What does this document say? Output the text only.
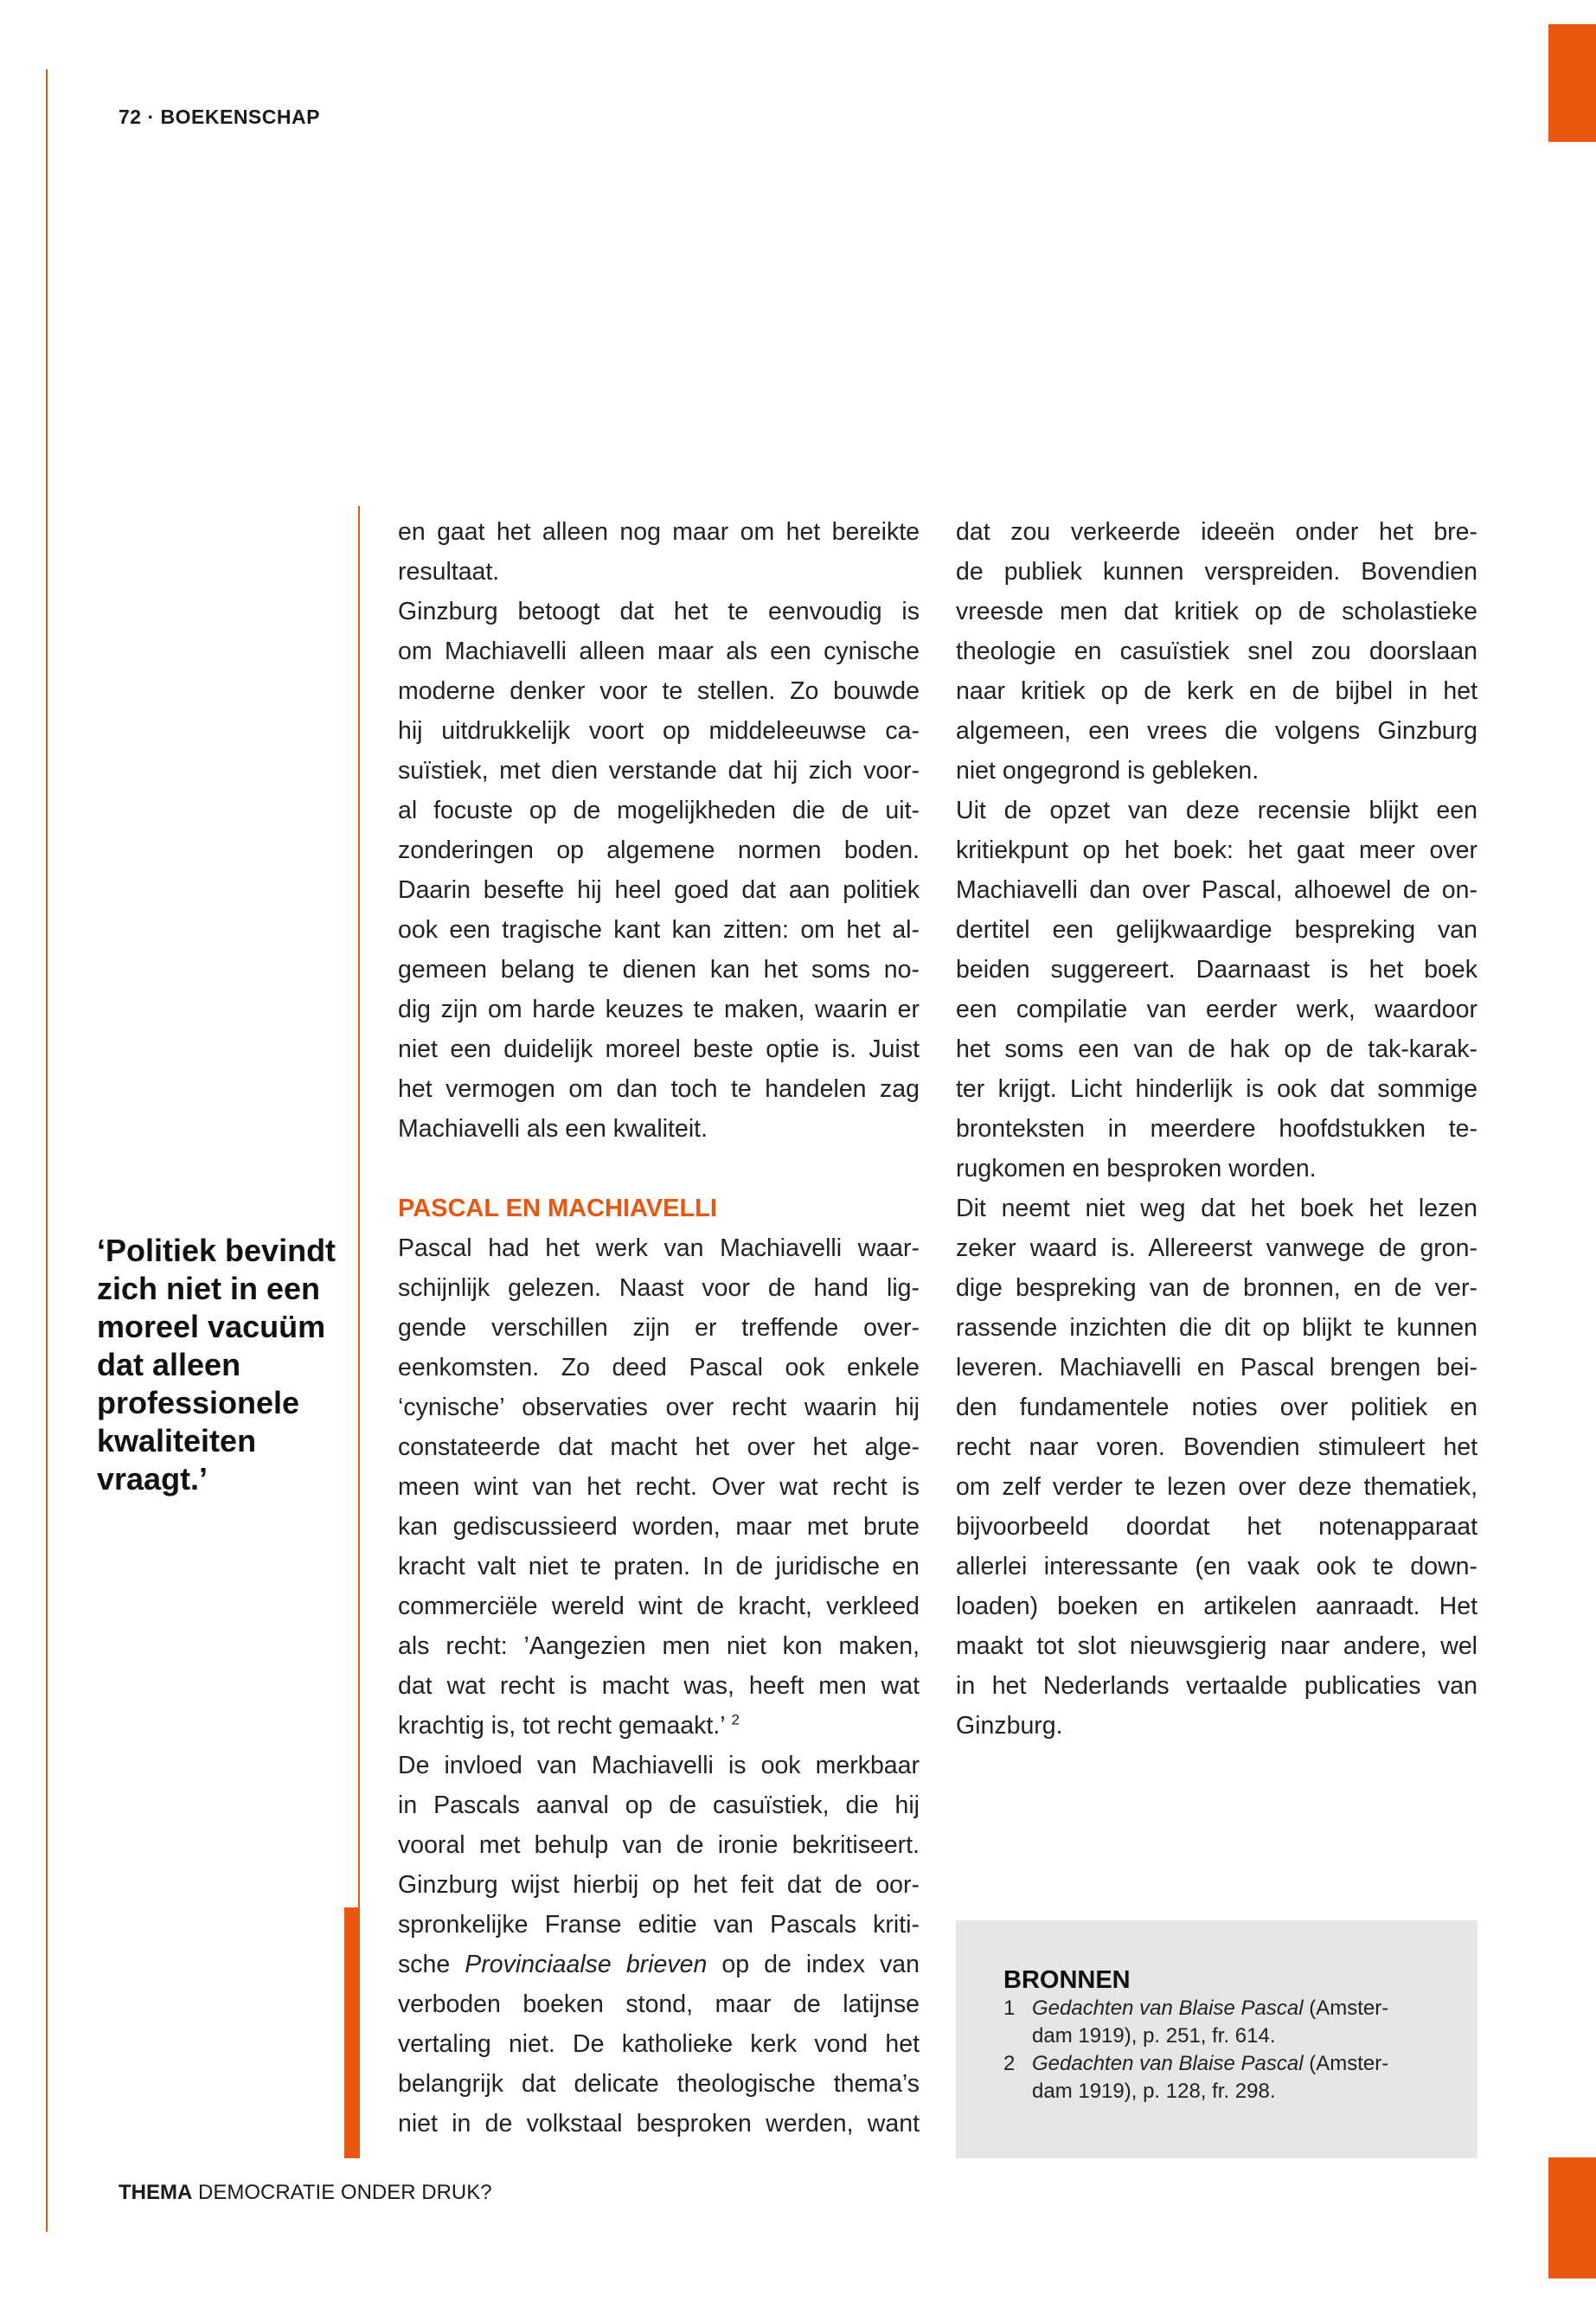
72 · BOEKENSCHAP
‘Politiek bevindt
zich niet in een
moreel vacuüm
dat alleen
professionele
kwaliteiten
vraagt.’
en gaat het alleen nog maar om het bereikte
resultaat.
Ginzburg betoogt dat het te eenvoudig is
om Machiavelli alleen maar als een cynische
moderne denker voor te stellen. Zo bouwde
hij uitdrukkelijk voort op middeleeuwse ca-
suïstiek, met dien verstande dat hij zich voor-
al focuste op de mogelijkheden die de uit-
zonderingen op algemene normen boden.
Daarin besefte hij heel goed dat aan politiek
ook een tragische kant kan zitten: om het al-
gemeen belang te dienen kan het soms no-
dig zijn om harde keuzes te maken, waarin er
niet een duidelijk moreel beste optie is. Juist
het vermogen om dan toch te handelen zag
Machiavelli als een kwaliteit.
PASCAL EN MACHIAVELLI
Pascal had het werk van Machiavelli waar-
schijnlijk gelezen. Naast voor de hand lig-
gende verschillen zijn er treffende over-
eenkomsten. Zo deed Pascal ook enkele
‘cynische’ observaties over recht waarin hij
constateerde dat macht het over het alge-
meen wint van het recht. Over wat recht is
kan gediscussieerd worden, maar met brute
kracht valt niet te praten. In de juridische en
commerciële wereld wint de kracht, verkleed
als recht: ’Aangezien men niet kon maken,
dat wat recht is macht was, heeft men wat
krachtig is, tot recht gemaakt.’ $^2$
De invloed van Machiavelli is ook merkbaar
in Pascals aanval op de casuïstiek, die hij
vooral met behulp van de ironie bekritiseert.
Ginzburg wijst hierbij op het feit dat de oor-
spronkelijke Franse editie van Pascals kriti-
sche Provinciaalse brieven op de index van
verboden boeken stond, maar de latijnse
vertaling niet. De katholieke kerk vond het
belangrijk dat delicate theologische thema’s
niet in de volkstaal besproken werden, want
dat zou verkeerde ideeën onder het bre-
de publiek kunnen verspreiden. Bovendien
vreesde men dat kritiek op de scholastieke
theologie en casuïstiek snel zou doorslaan
naar kritiek op de kerk en de bijbel in het
algemeen, een vrees die volgens Ginzburg
niet ongegrond is gebleken.
Uit de opzet van deze recensie blijkt een
kritiekpunt op het boek: het gaat meer over
Machiavelli dan over Pascal, alhoewel de on-
dertitel een gelijkwaardige bespreking van
beiden suggereert. Daarnaast is het boek
een compilatie van eerder werk, waardoor
het soms een van de hak op de tak-karak-
ter krijgt. Licht hinderlijk is ook dat sommige
bronteksten in meerdere hoofdstukken te-
rugkomen en besproken worden.
Dit neemt niet weg dat het boek het lezen
zeker waard is. Allereerst vanwege de gron-
dige bespreking van de bronnen, en de ver-
rassende inzichten die dit op blijkt te kunnen
leveren. Machiavelli en Pascal brengen bei-
den fundamentele noties over politiek en
recht naar voren. Bovendien stimuleert het
om zelf verder te lezen over deze thematiek,
bijvoorbeeld doordat het notenapparaat
allerlei interessante (en vaak ook te down-
loaden) boeken en artikelen aanraadt. Het
maakt tot slot nieuwsgierig naar andere, wel
in het Nederlands vertaalde publicaties van
Ginzburg.
BRONNEN
1 Gedachten van Blaise Pascal (Amster-
dam 1919), p. 251, fr. 614.
2 Gedachten van Blaise Pascal (Amster-
dam 1919), p. 128, fr. 298.
THEMA DEMOCRATIE ONDER DRUK?
